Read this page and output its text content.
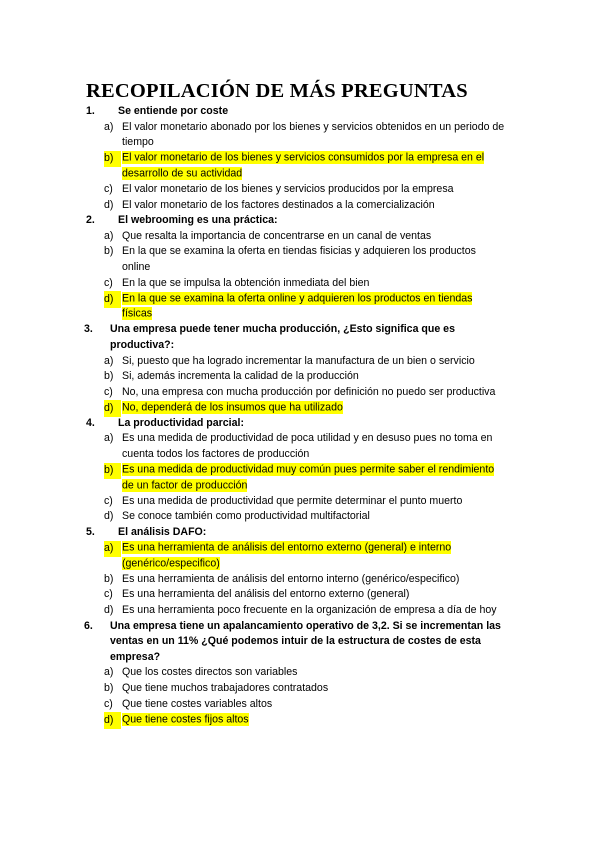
RECOPILACIÓN DE MÁS PREGUNTAS

1.	Se entiende por coste

a) El valor monetario abonado por los bienes y servicios obtenidos en un periodo de tiempo
b) El valor monetario de los bienes y servicios consumidos por la empresa en el desarrollo de su actividad
c) El valor monetario de los bienes y servicios producidos por la empresa
d) El valor monetario de los factores destinados a la comercialización

2.	El webrooming es una práctica:

a) Que resalta la importancia de concentrarse en un canal de ventas
b) En la que se examina la oferta en tiendas fisicias y adquieren los productos online
c) En la que se impulsa la obtención inmediata del bien
d) En la que se examina la oferta online y adquieren los productos en tiendas físicas

3.	Una empresa puede tener mucha producción, ¿Esto significa que es productiva?:

a) Si, puesto que ha logrado incrementar la manufactura de un bien o servicio
b) Si, además incrementa la calidad de la producción
c) No, una empresa con mucha producción por definición no puedo ser productiva
d) No, dependerá de los insumos que ha utilizado

4.	La productividad parcial:

a) Es una medida de productividad de poca utilidad y en desuso pues no toma en cuenta todos los factores de producción
b) Es una medida de productividad muy común pues permite saber el rendimiento de un factor de producción
c) Es una medida de productividad que permite determinar el punto muerto
d) Se conoce también como productividad multifactorial

5.	El análisis DAFO:

a) Es una herramienta de análisis del entorno externo (general) e interno (genérico/especifico)
b) Es una herramienta de análisis del entorno interno (genérico/especifico)
c) Es una herramienta del análisis del entorno externo (general)
d) Es una herramienta poco frecuente en la organización de empresa a día de hoy

6.	Una empresa tiene un apalancamiento operativo de 3,2. Si se incrementan las ventas en un 11% ¿Qué podemos intuir de la estructura de costes de esta empresa?

a) Que los costes directos son variables
b) Que tiene muchos trabajadores contratados
c) Que tiene costes variables altos
d) Que tiene costes fijos altos
